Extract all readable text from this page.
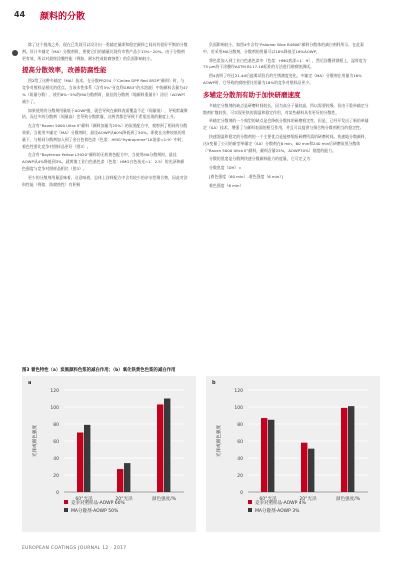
44 颜料的分散

除了这个挑战之外，现在已发现可以设计出一类辅定量即和稳定颜料之间具有很好平衡的分散剂。设计多辅定（MA）分散剂时，要使它们的辅量比现有市售产品少15%~20%。由于分散剂更有效，所以对最终涂膜性能（例如，耐水性或防腐蚀性）的负面影响较小。

提高分散效率，改善防腐性能

图2给了这种多辅定（MA）技术，在分散PR254（“Cinilex DPP Red SR2P”颜料）时，与竞争对照样品相比的优点。当该木性体系（含有5%“亚克利GR83”的水溶液）中的颜料含量为47 %（质量分数），使用6%~5%的MA分散剂时，最佳的分散剂（缩颜料重量计）涂层（AOWP）减少了。

如果使用的分散剂用量低于AOWP值，就会导致在颜料表面覆盖不足（间量低），导致絮凝聚结、而过多的分散剂（间量高）会导致分散絮凝，这两者都会导致不希望出现的黏度上升。

在含有“Raven 5000 Ultra II”颜料（颜料加量为25%）的炭黑配方中，观察到了相同的分散效果。当使用多辅定（MA）分散剂时，最佳AOWP从60%降低到了50%。即使在这种较低的用量下，与相同分散剂加入到了金白色着色漆（色浆：HMG“Hydroprime”1K油漆=1:9）中时，着色性要比竞争对照样品更好（图3）。

在含有“Bayferrox Yellow L3920”颜料的无机黄色配方中，当使用MA分散剂时，最佳AOWP从4%降低到3%。就黄填工业白色基色漆（色浆：HMG白色丝光=1：2.5）的光泽和颜色强度与竞争对照样品相比（图3）。

更少的分散剂用量意味着，这意味着，总体上涂料配方中含有较少的亲水性聚合物，因此对涂料性能（例如，防腐蚀性）有积极

负面影响较小，如图4中含有“Palomar Blue B4806”颜料分散体的减白剂样所示，在此案中，若采用MA分散剂，分散剂的用量可以18%降低至16%AOWP。

将色浆加入到工业白色基色漆中（色浆：HMG底漆=1：9），然后涂覆到钢板上，湿厚度为75 μm的干涂膜经ASTM B117.16标准的方法进行耐腐蚀测试。

图4表明了经过21.4d后盐雾试验后的生锈测度变化。多辅定（MA）分散剂在用量为16% AOWP时，它导致的腐蚀要比用量为18%的竞争对照样品更少。

多辅定分散剂有助于加快研磨速度

多辅定分散剂的缺点是研磨时间较长，因为高分子量较高，所以需要较慢。但由于重单辅定分散剂扩散较快，可实现更快的润湿和稳定作用，对某些颜料具有更好的分散性。

单辅定分散剂的一个典型的缺点是会降低分散体的研磨稳定性，但是，已经开发出了新的单辅定（SA）技术，增强了与颜料表面的相互作用，并且可以提供与聚合物分散剂相当的稳定性。

快速润湿和稳定的分散剂的一个主要优点是能够缩短研磨所需的研磨时间。快速地分散颜料，这5变量了公司的新型单辅定（SA）分散剂在6 min、60 min和240 min后研磨炭黑分散体（“Raven 5000 Ultra II”颜料，颜料含量25%，AOWP70%）细度的能力。

分散的黑度是分散剂快速分散颜料能力的度量，它可定义为：

分散黑度（DH）=

[着色强度（60 min）-着色强度（6 min）]

着色强度（6 min）

图3 着色特性（a）炭黑颜料色浆的减白作用；（b）氧化铁黄色色浆的减白作用
a
0
20
40
60
80
100
120
光泽或颜色强度
60°光泽	20°光泽	颜色强度/%
竞争对照样品-AOWP 60%
MA分散剂-AOWP 50%
b
0
20
40
60
80
100
120
光泽或颜色强度
60°光泽	20°光泽	颜色强度/%
竞争对照样品-AOWP 4%
MA分散剂-AOWP 3%
EUROPEAN COATINGS JOURNAL 12 · 2017
